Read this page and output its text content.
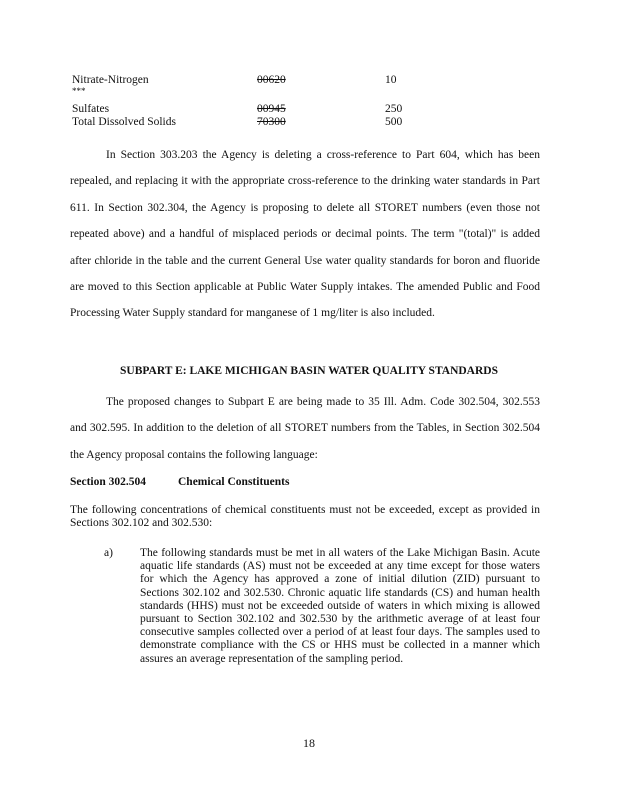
Nitrate-Nitrogen	00620	10
***
Sulfates	00945	250
Total Dissolved Solids	70300	500
In Section 303.203 the Agency is deleting a cross-reference to Part 604, which has been repealed, and replacing it with the appropriate cross-reference to the drinking water standards in Part 611. In Section 302.304, the Agency is proposing to delete all STORET numbers (even those not repeated above) and a handful of misplaced periods or decimal points. The term "(total)" is added after chloride in the table and the current General Use water quality standards for boron and fluoride are moved to this Section applicable at Public Water Supply intakes. The amended Public and Food Processing Water Supply standard for manganese of 1 mg/liter is also included.
SUBPART E: LAKE MICHIGAN BASIN WATER QUALITY STANDARDS
The proposed changes to Subpart E are being made to 35 Ill. Adm. Code 302.504, 302.553 and 302.595. In addition to the deletion of all STORET numbers from the Tables, in Section 302.504 the Agency proposal contains the following language:
Section 302.504	Chemical Constituents
The following concentrations of chemical constituents must not be exceeded, except as provided in Sections 302.102 and 302.530:
a) The following standards must be met in all waters of the Lake Michigan Basin. Acute aquatic life standards (AS) must not be exceeded at any time except for those waters for which the Agency has approved a zone of initial dilution (ZID) pursuant to Sections 302.102 and 302.530. Chronic aquatic life standards (CS) and human health standards (HHS) must not be exceeded outside of waters in which mixing is allowed pursuant to Section 302.102 and 302.530 by the arithmetic average of at least four consecutive samples collected over a period of at least four days. The samples used to demonstrate compliance with the CS or HHS must be collected in a manner which assures an average representation of the sampling period.
18
